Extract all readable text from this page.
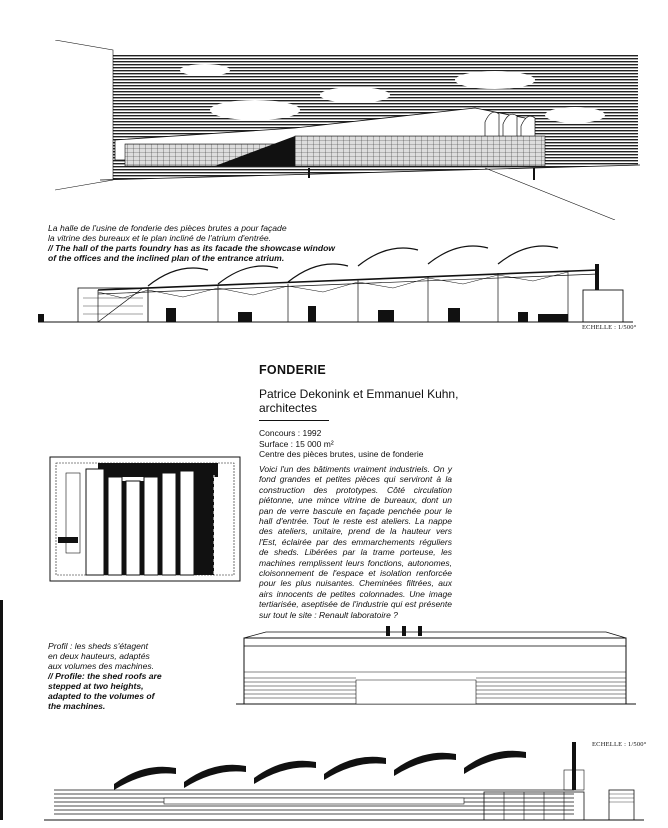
La halle de l'usine de fonderie des pièces brutes a pour façade
la vitrine des bureaux et le plan incliné de l'atrium d'entrée.
// The hall of the parts foundry has as its facade the showcase window
of the offices and the inclined plan of the entrance atrium.
ECHELLE : 1/500°
FONDERIE
Patrice Dekonink et Emmanuel Kuhn,
architectes
Concours : 1992
Surface : 15 000 m²
Centre des pièces brutes, usine de fonderie
Voici l'un des bâtiments vraiment industriels. On y fond grandes et petites pièces qui serviront à la construction des prototypes. Côté circulation piétonne, une mince vitrine de bureaux, dont un pan de verre bascule en façade penchée pour le hall d'entrée. Tout le reste est ateliers. La nappe des ateliers, unitaire, prend de la hauteur vers l'Est, éclairée par des emmarchements réguliers de sheds. Libérées par la trame porteuse, les machines remplissent leurs fonctions, autonomes, cloisonnement de l'espace et isolation renforcée pour les plus nuisantes. Cheminées filtrées, aux airs innocents de petites colonnades. Une image tertiarisée, aseptisée de l'industrie qui est présente sur tout le site : Renault laboratoire ?
Profil : les sheds s'étagent
en deux hauteurs, adaptés
aux volumes des machines.
// Profile: the shed roofs are
stepped at two heights,
adapted to the volumes of
the machines.
ECHELLE : 1/500°
